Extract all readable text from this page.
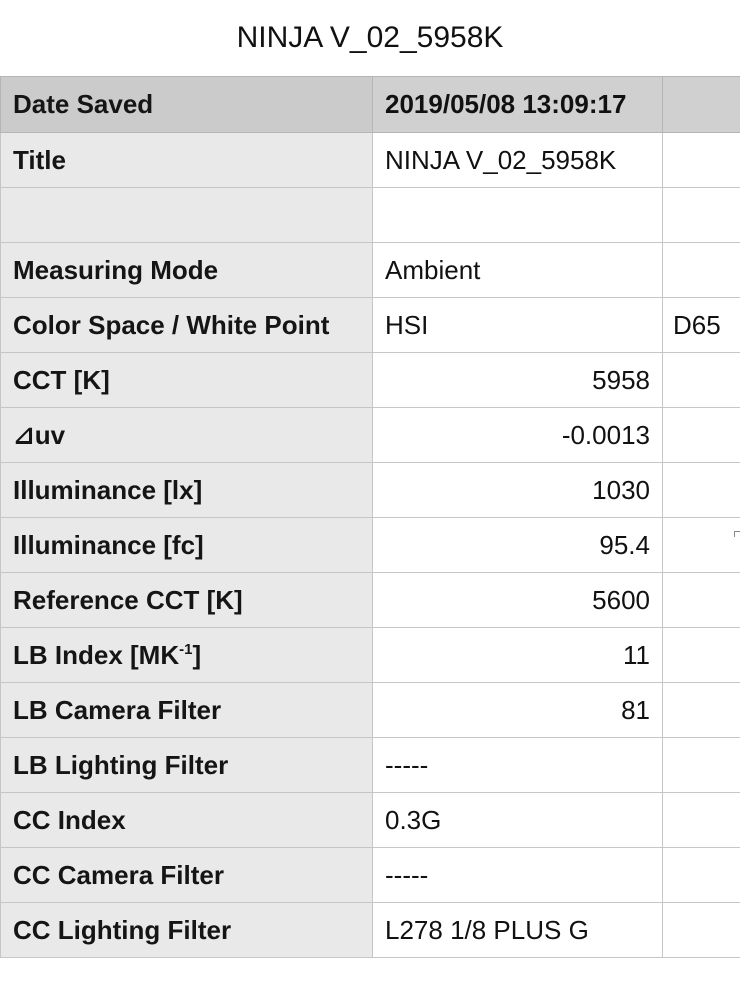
NINJA V_02_5958K
Date Saved	2019/05/08 13:09:17	
Title	NINJA V_02_5958K	

Measuring Mode	Ambient	
Color Space / White Point	HSI	D65
CCT [K]	5958	
⊿uv	-0.0013	
Illuminance [lx]	1030	
Illuminance [fc]	95.4	
Reference CCT [K]	5600	
LB Index $[MK^{-1}]$	11	
LB Camera Filter	81	
LB Lighting Filter	-----	
CC Index	0.3G	
CC Camera Filter	-----	
CC Lighting Filter	L278 1/8 PLUS G	
